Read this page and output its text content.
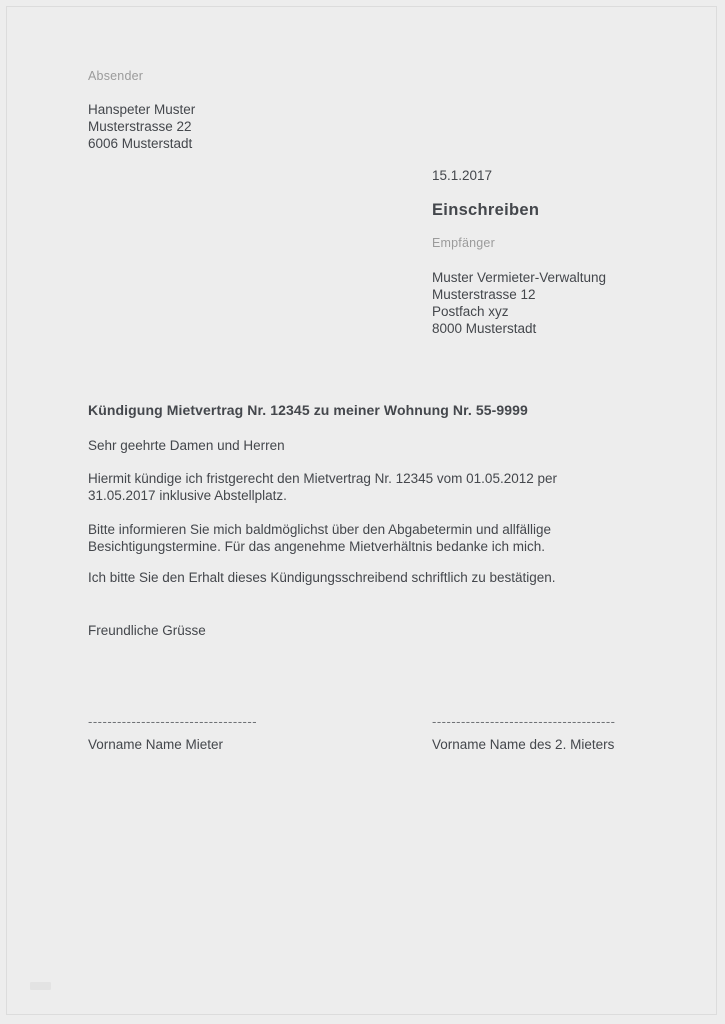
Absender
Hanspeter Muster
Musterstrasse 22
6006 Musterstadt
15.1.2017
Einschreiben
Empfänger
Muster Vermieter-Verwaltung
Musterstrasse 12
Postfach xyz
8000 Musterstadt
Kündigung Mietvertrag Nr. 12345 zu meiner Wohnung Nr. 55-9999
Sehr geehrte Damen und Herren
Hiermit kündige ich fristgerecht den Mietvertrag Nr. 12345 vom 01.05.2012 per 31.05.2017 inklusive Abstellplatz.
Bitte informieren Sie mich baldmöglichst über den Abgabetermin und allfällige Besichtigungstermine. Für das angenehme Mietverhältnis bedanke ich mich.
Ich bitte Sie den Erhalt dieses Kündigungsschreibend schriftlich zu bestätigen.
Freundliche Grüsse
-----------------------------------
Vorname Name Mieter
--------------------------------------
Vorname Name des 2. Mieters
